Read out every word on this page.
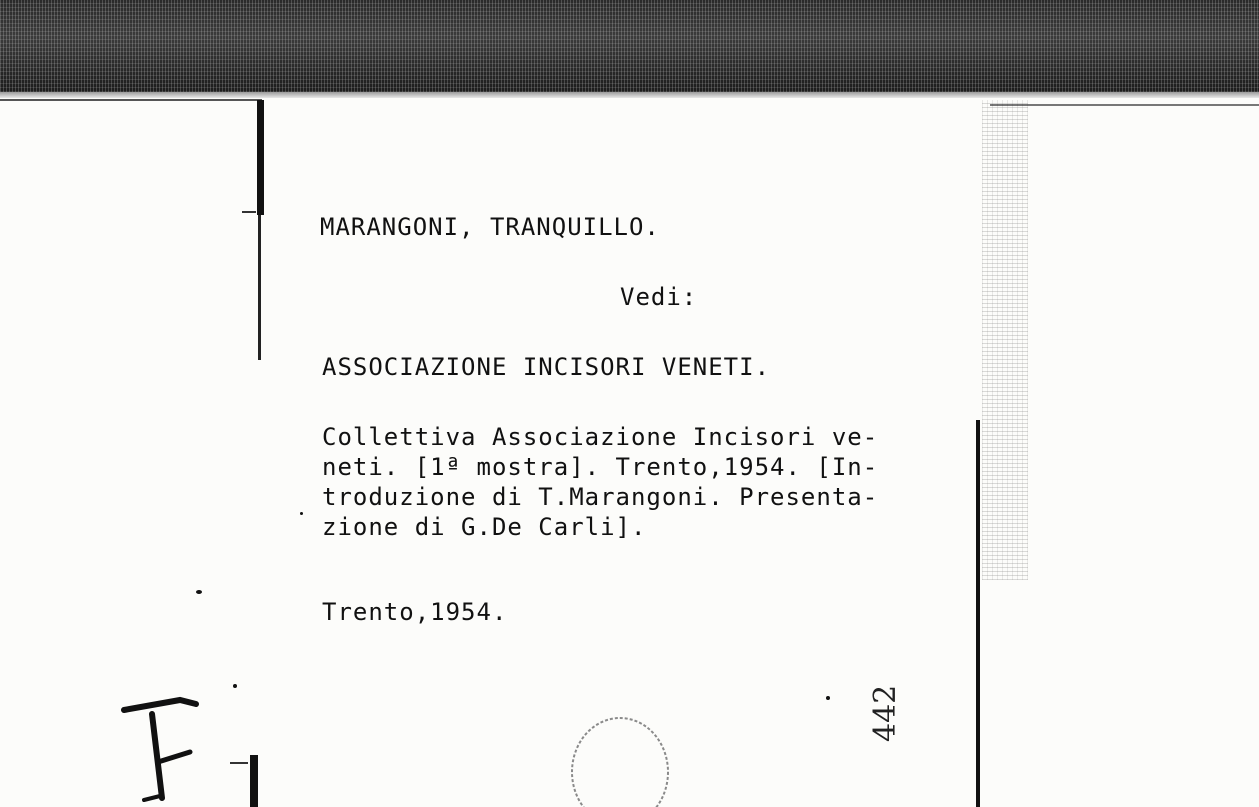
MARANGONI, TRANQUILLO.
Vedi:
ASSOCIAZIONE INCISORI VENETI.
Collettiva Associazione Incisori ve-
neti. [1ª mostra]. Trento,1954. [In-
troduzione di T.Marangoni. Presenta-
zione di G.De Carli].
Trento,1954.
442
